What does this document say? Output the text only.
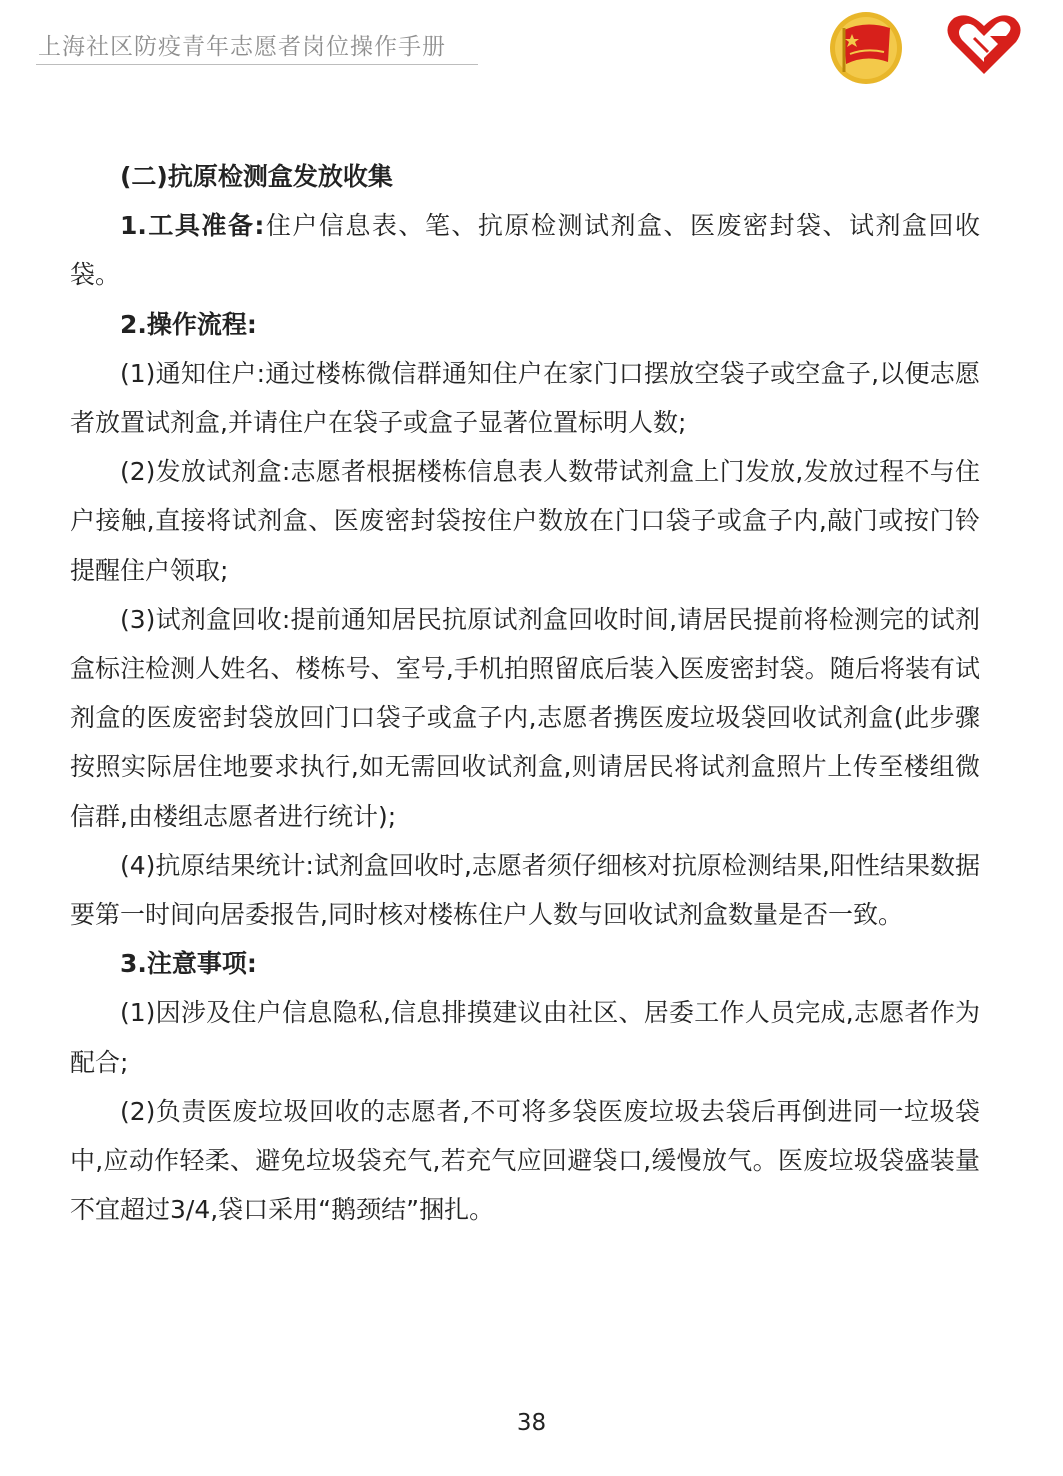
上海社区防疫青年志愿者岗位操作手册

(二)抗原检测盒发放收集

1.工具准备:住户信息表、笔、抗原检测试剂盒、医废密封袋、试剂盒回收袋。

2.操作流程:

(1)通知住户:通过楼栋微信群通知住户在家门口摆放空袋子或空盒子,以便志愿者放置试剂盒,并请住户在袋子或盒子显著位置标明人数;

(2)发放试剂盒:志愿者根据楼栋信息表人数带试剂盒上门发放,发放过程不与住户接触,直接将试剂盒、医废密封袋按住户数放在门口袋子或盒子内,敲门或按门铃提醒住户领取;

(3)试剂盒回收:提前通知居民抗原试剂盒回收时间,请居民提前将检测完的试剂盒标注检测人姓名、楼栋号、室号,手机拍照留底后装入医废密封袋。随后将装有试剂盒的医废密封袋放回门口袋子或盒子内,志愿者携医废垃圾袋回收试剂盒(此步骤按照实际居住地要求执行,如无需回收试剂盒,则请居民将试剂盒照片上传至楼组微信群,由楼组志愿者进行统计);

(4)抗原结果统计:试剂盒回收时,志愿者须仔细核对抗原检测结果,阳性结果数据要第一时间向居委报告,同时核对楼栋住户人数与回收试剂盒数量是否一致。

3.注意事项:

(1)因涉及住户信息隐私,信息排摸建议由社区、居委工作人员完成,志愿者作为配合;

(2)负责医废垃圾回收的志愿者,不可将多袋医废垃圾去袋后再倒进同一垃圾袋中,应动作轻柔、避免垃圾袋充气,若充气应回避袋口,缓慢放气。医废垃圾袋盛装量不宜超过3/4,袋口采用“鹅颈结”捆扎。

38
